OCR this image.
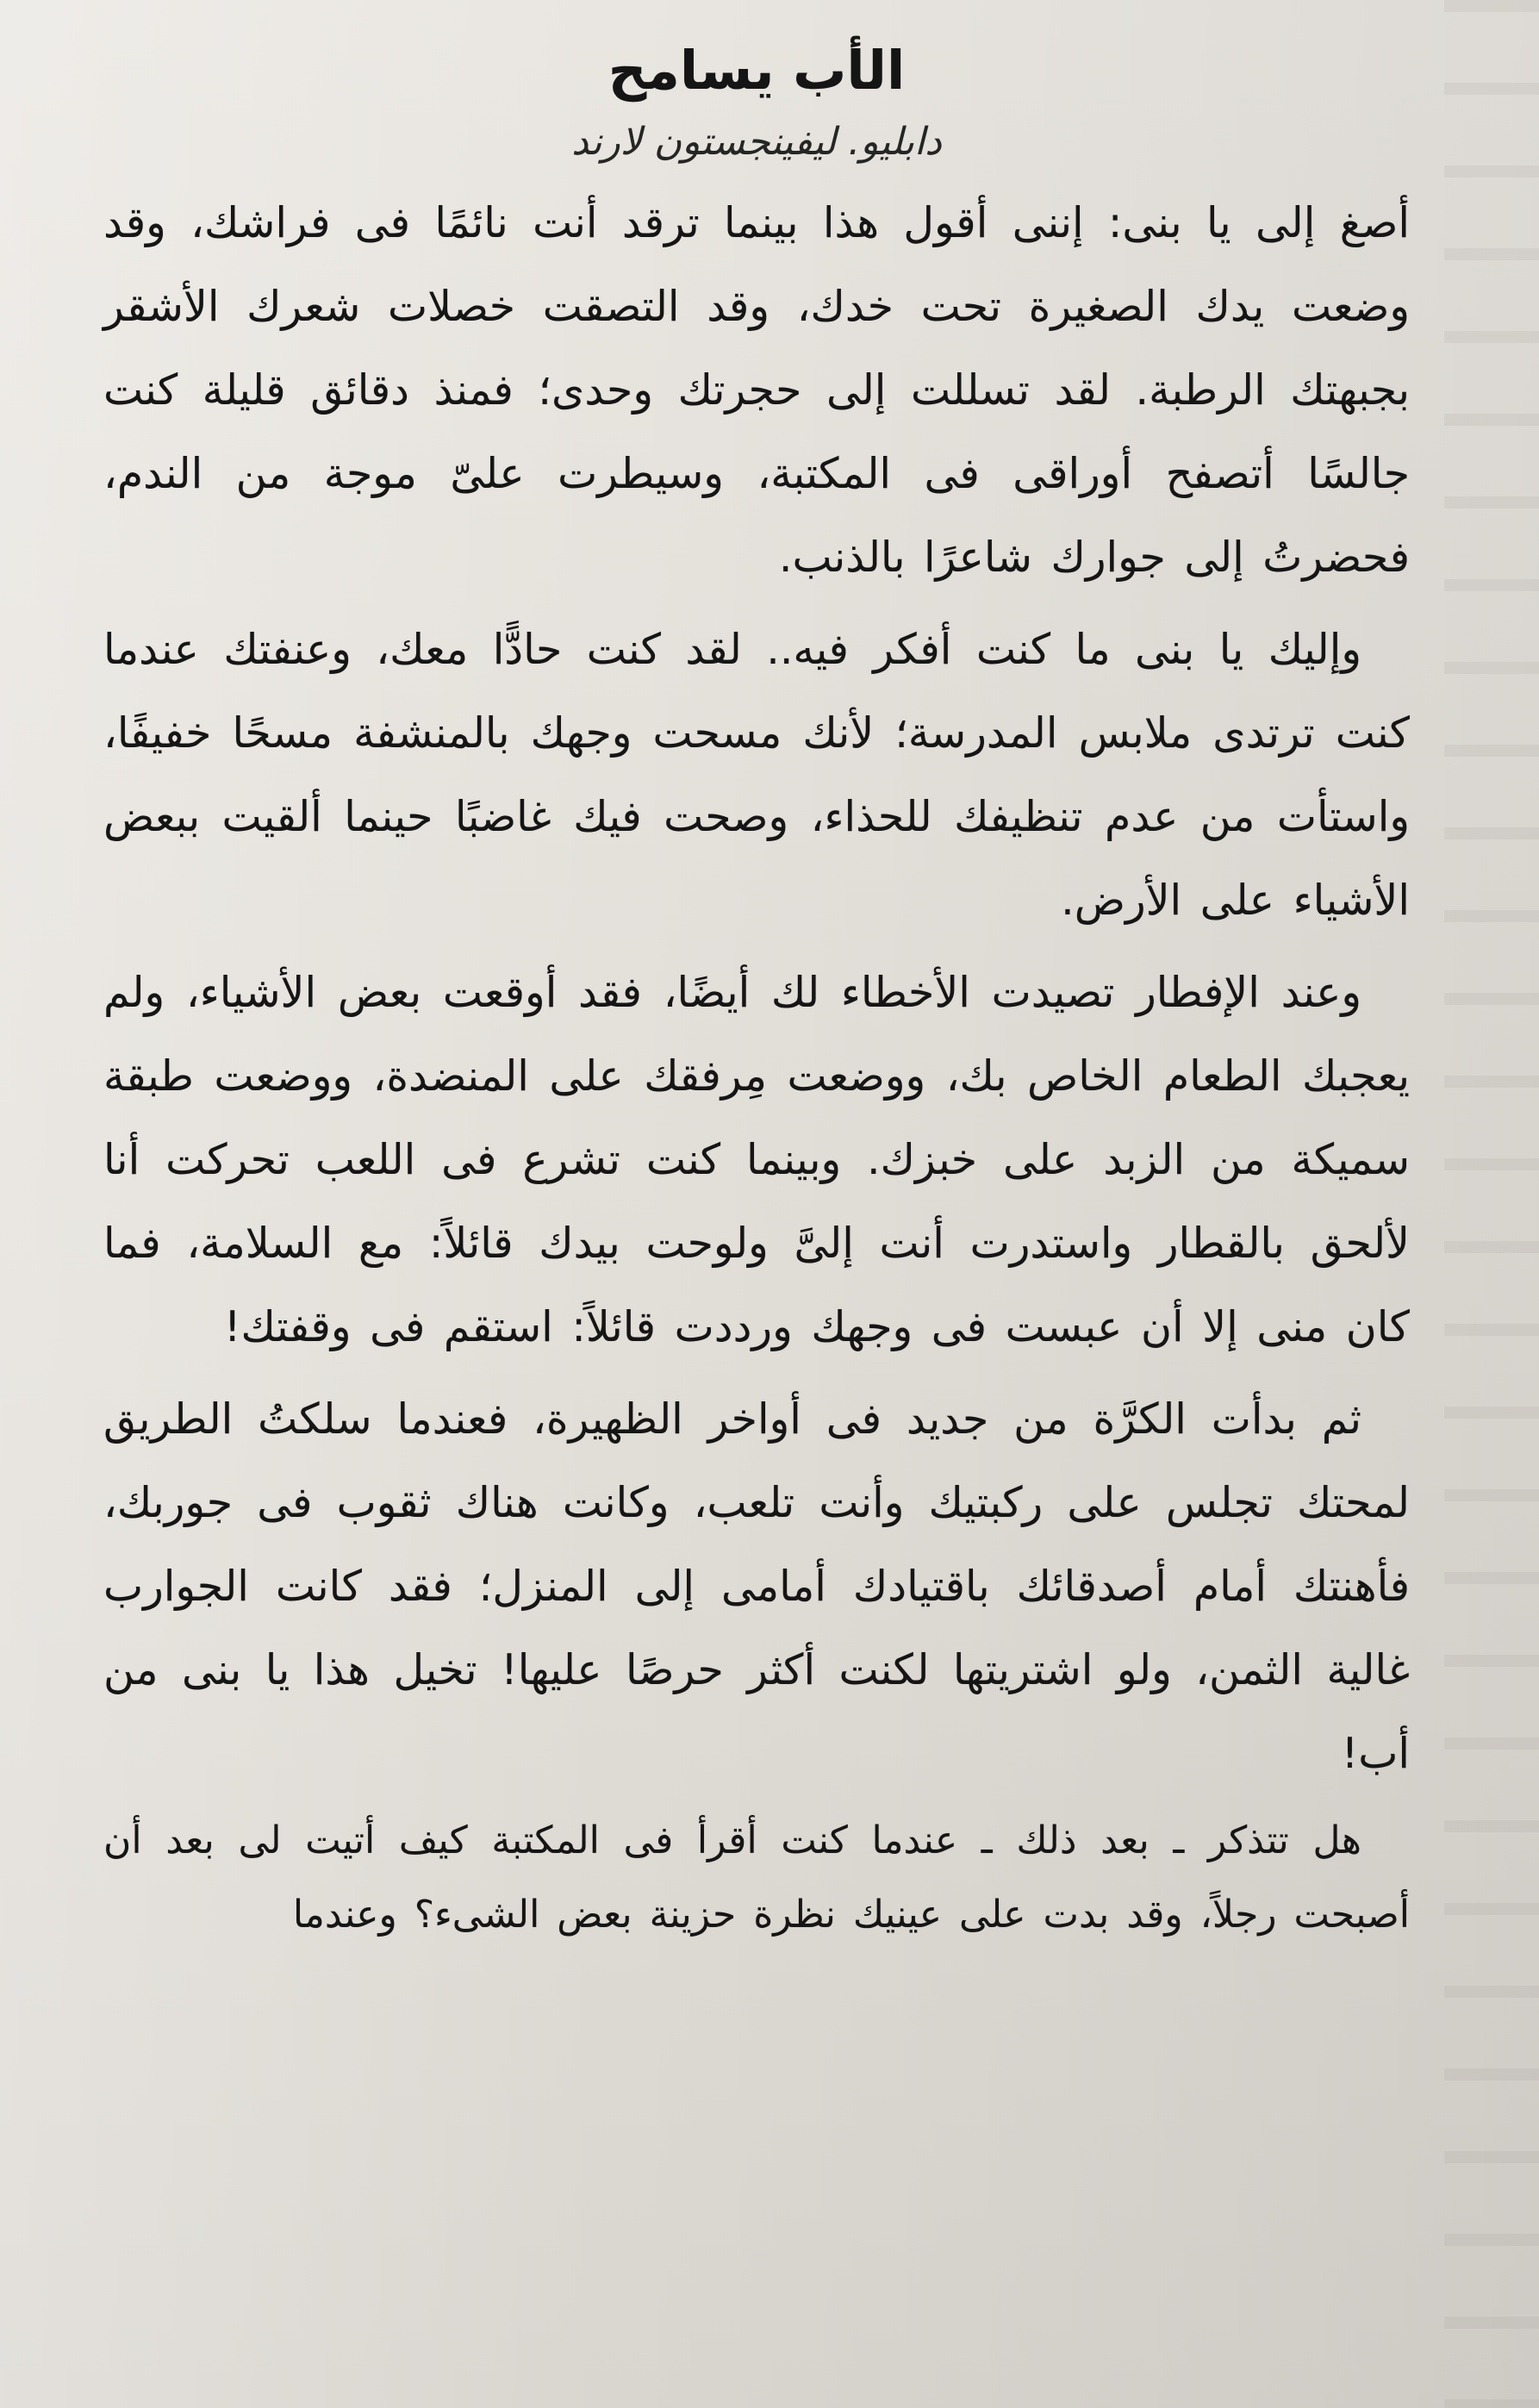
الأب يسامح
دابليو. ليفينجستون لارند

أصغ إلى يا بنى: إننى أقول هذا بينما ترقد أنت نائمًا فى فراشك، وقد وضعت يدك الصغيرة تحت خدك، وقد التصقت خصلات شعرك الأشقر بجبهتك الرطبة. لقد تسللت إلى حجرتك وحدى؛ فمنذ دقائق قليلة كنت جالسًا أتصفح أوراقى فى المكتبة، وسيطرت علىّ موجة من الندم، فحضرتُ إلى جوارك شاعرًا بالذنب.

وإليك يا بنى ما كنت أفكر فيه.. لقد كنت حادًّا معك، وعنفتك عندما كنت ترتدى ملابس المدرسة؛ لأنك مسحت وجهك بالمنشفة مسحًا خفيفًا، واستأت من عدم تنظيفك للحذاء، وصحت فيك غاضبًا حينما ألقيت ببعض الأشياء على الأرض.

وعند الإفطار تصيدت الأخطاء لك أيضًا، فقد أوقعت بعض الأشياء، ولم يعجبك الطعام الخاص بك، ووضعت مِرفقك على المنضدة، ووضعت طبقة سميكة من الزبد على خبزك. وبينما كنت تشرع فى اللعب تحركت أنا لألحق بالقطار واستدرت أنت إلىَّ ولوحت بيدك قائلاً: مع السلامة، فما كان منى إلا أن عبست فى وجهك ورددت قائلاً: استقم فى وقفتك!

ثم بدأت الكرَّة من جديد فى أواخر الظهيرة، فعندما سلكتُ الطريق لمحتك تجلس على ركبتيك وأنت تلعب، وكانت هناك ثقوب فى جوربك، فأهنتك أمام أصدقائك باقتيادك أمامى إلى المنزل؛ فقد كانت الجوارب غالية الثمن، ولو اشتريتها لكنت أكثر حرصًا عليها! تخيل هذا يا بنى من أب!

هل تتذكر ـ بعد ذلك ـ عندما كنت أقرأ فى المكتبة كيف أتيت لى بعد أن أصبحت رجلاً، وقد بدت على عينيك نظرة حزينة بعض الشىء؟ وعندما
